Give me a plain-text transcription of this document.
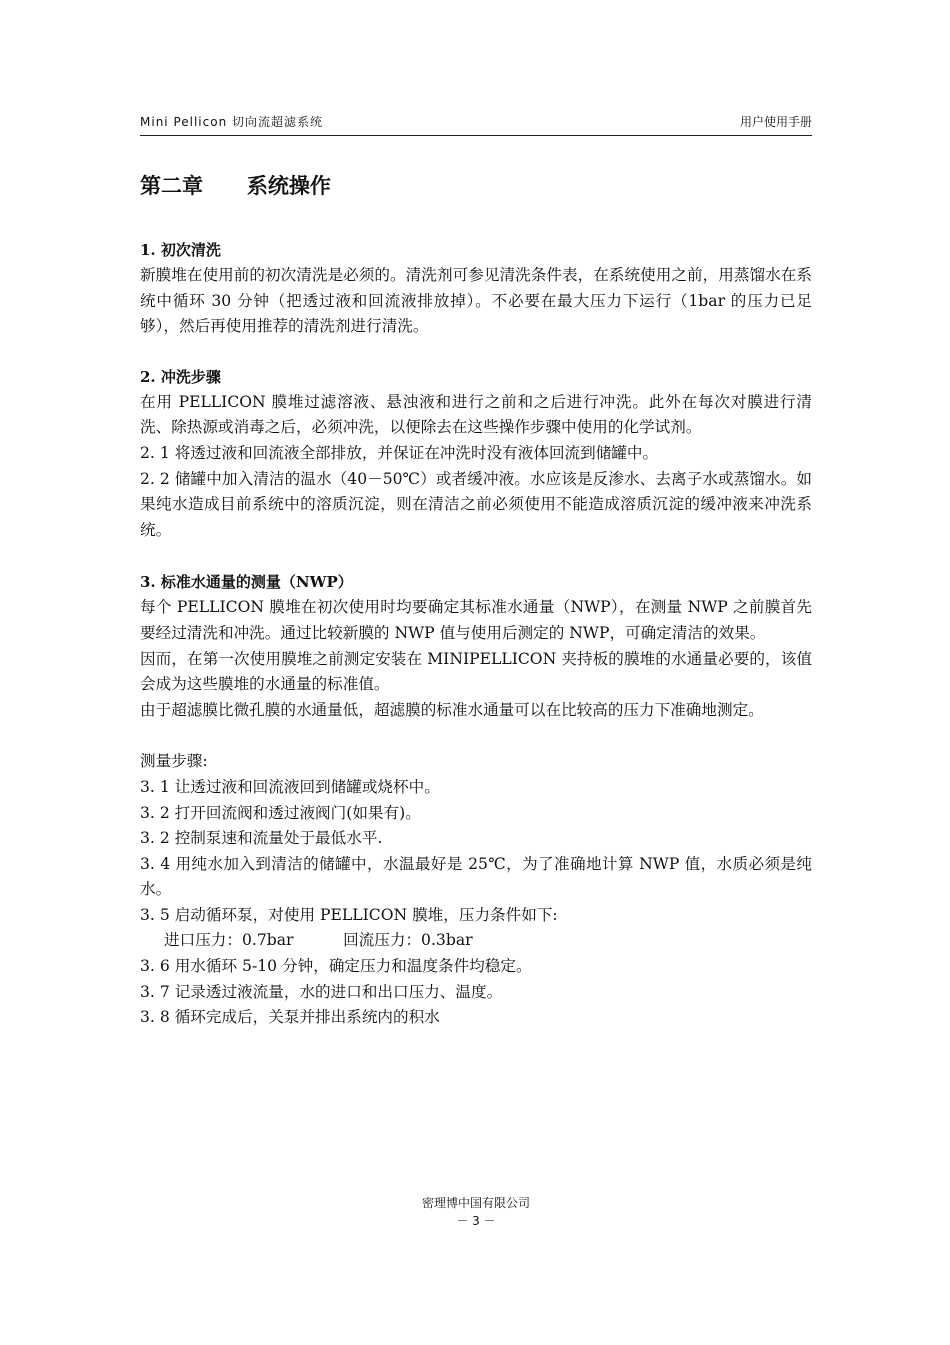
Mini Pellicon 切向流超滤系统	用户使用手册
第二章      系统操作
1. 初次清洗

新膜堆在使用前的初次清洗是必须的。清洗剂可参见清洗条件表，在系统使用之前，用蒸馏水在系统中循环 30 分钟（把透过液和回流液排放掉）。不必要在最大压力下运行（1bar 的压力已足够），然后再使用推荐的清洗剂进行清洗。

2. 冲洗步骤

在用 PELLICON 膜堆过滤溶液、悬浊液和进行之前和之后进行冲洗。此外在每次对膜进行清洗、除热源或消毒之后，必须冲洗，以便除去在这些操作步骤中使用的化学试剂。

2. 1 将透过液和回流液全部排放，并保证在冲洗时没有液体回流到储罐中。

2. 2 储罐中加入清洁的温水（40－50℃）或者缓冲液。水应该是反渗水、去离子水或蒸馏水。如果纯水造成目前系统中的溶质沉淀，则在清洁之前必须使用不能造成溶质沉淀的缓冲液来冲洗系统。

3. 标准水通量的测量（NWP）

每个 PELLICON 膜堆在初次使用时均要确定其标准水通量（NWP），在测量 NWP 之前膜首先要经过清洗和冲洗。通过比较新膜的 NWP 值与使用后测定的 NWP，可确定清洁的效果。

因而，在第一次使用膜堆之前测定安装在 MINIPELLICON 夹持板的膜堆的水通量必要的，该值会成为这些膜堆的水通量的标准值。

由于超滤膜比微孔膜的水通量低，超滤膜的标准水通量可以在比较高的压力下准确地测定。

测量步骤:

3. 1 让透过液和回流液回到储罐或烧杯中。

3. 2 打开回流阀和透过液阀门(如果有)。

3. 2 控制泵速和流量处于最低水平.

3. 4 用纯水加入到清洁的储罐中，水温最好是 25℃，为了准确地计算 NWP 值，水质必须是纯水。

3. 5 启动循环泵，对使用 PELLICON 膜堆，压力条件如下:

进口压力：0.7bar          回流压力：0.3bar

3. 6 用水循环 5-10 分钟，确定压力和温度条件均稳定。

3. 7 记录透过液流量，水的进口和出口压力、温度。

3. 8 循环完成后，关泵并排出系统内的积水

密理博中国有限公司
－ 3 －
